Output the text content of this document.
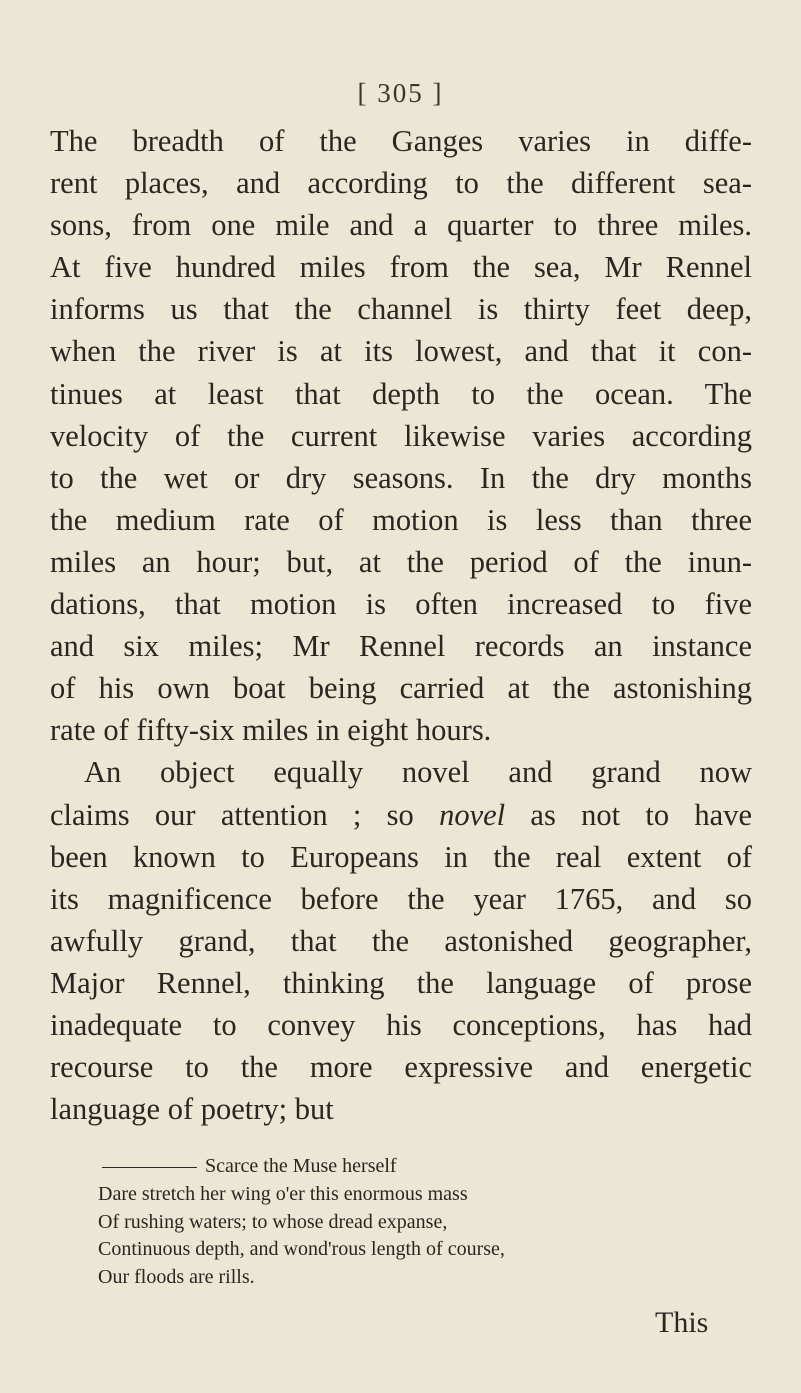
[ 305 ]
The breadth of the Ganges varies in diffe-
rent places, and according to the different sea-
sons, from one mile and a quarter to three miles.
At five hundred miles from the sea, Mr Rennel
informs us that the channel is thirty feet deep,
when the river is at its lowest, and that it con-
tinues at least that depth to the ocean. The
velocity of the current likewise varies according
to the wet or dry seasons. In the dry months
the medium rate of motion is less than three
miles an hour; but, at the period of the inun-
dations, that motion is often increased to five
and six miles; Mr Rennel records an instance
of his own boat being carried at the astonishing
rate of fifty-six miles in eight hours.
An object equally novel and grand now
claims our attention ; so novel as not to have
been known to Europeans in the real extent of
its magnificence before the year 1765, and so
awfully grand, that the astonished geographer,
Major Rennel, thinking the language of prose
inadequate to convey his conceptions, has had
recourse to the more expressive and energetic
language of poetry; but
Scarce the Muse herself
Dare stretch her wing o'er this enormous mass
Of rushing waters; to whose dread expanse,
Continuous depth, and wond'rous length of course,
Our floods are rills.
This
